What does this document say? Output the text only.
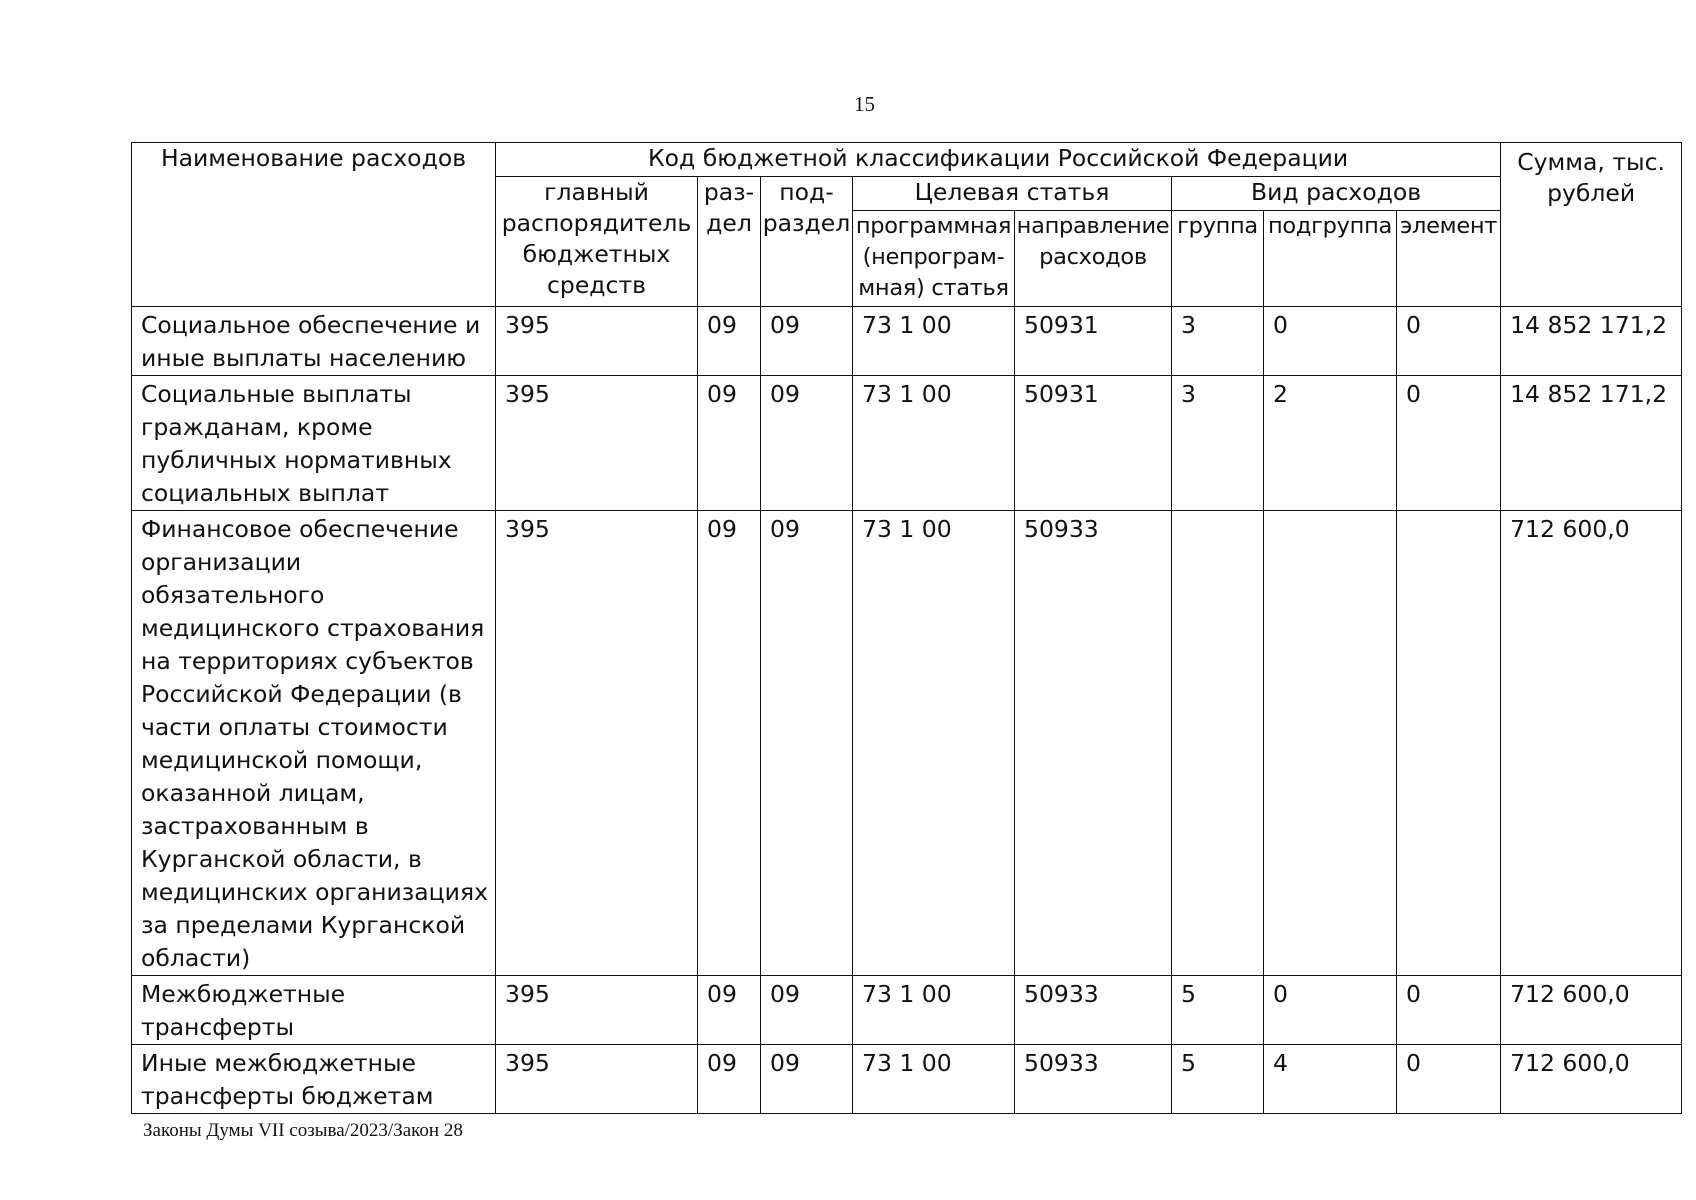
15
Наименование расходов	Код бюджетной классификации Российской Федерации								Сумма, тыс. рублей
	главный распорядитель бюджетных средств	раз- дел	под- раздел	Целевая статья		Вид расходов			
				программная (непрограм- мная) статья	направление расходов	группа	подгруппа	элемент	
Социальное обеспечение и иные выплаты населению	395	09	09	73 1 00	50931	3	0	0	14 852 171,2
Социальные выплаты гражданам, кроме публичных нормативных социальных выплат	395	09	09	73 1 00	50931	3	2	0	14 852 171,2
Финансовое обеспечение организации обязательного медицинского страхования на территориях субъектов Российской Федерации (в части оплаты стоимости медицинской помощи, оказанной лицам, застрахованным в Курганской области, в медицинских организациях за пределами Курганской области)	395	09	09	73 1 00	50933				712 600,0
Межбюджетные трансферты	395	09	09	73 1 00	50933	5	0	0	712 600,0
Иные межбюджетные трансферты бюджетам	395	09	09	73 1 00	50933	5	4	0	712 600,0
Законы Думы VII созыва/2023/Закон 28
